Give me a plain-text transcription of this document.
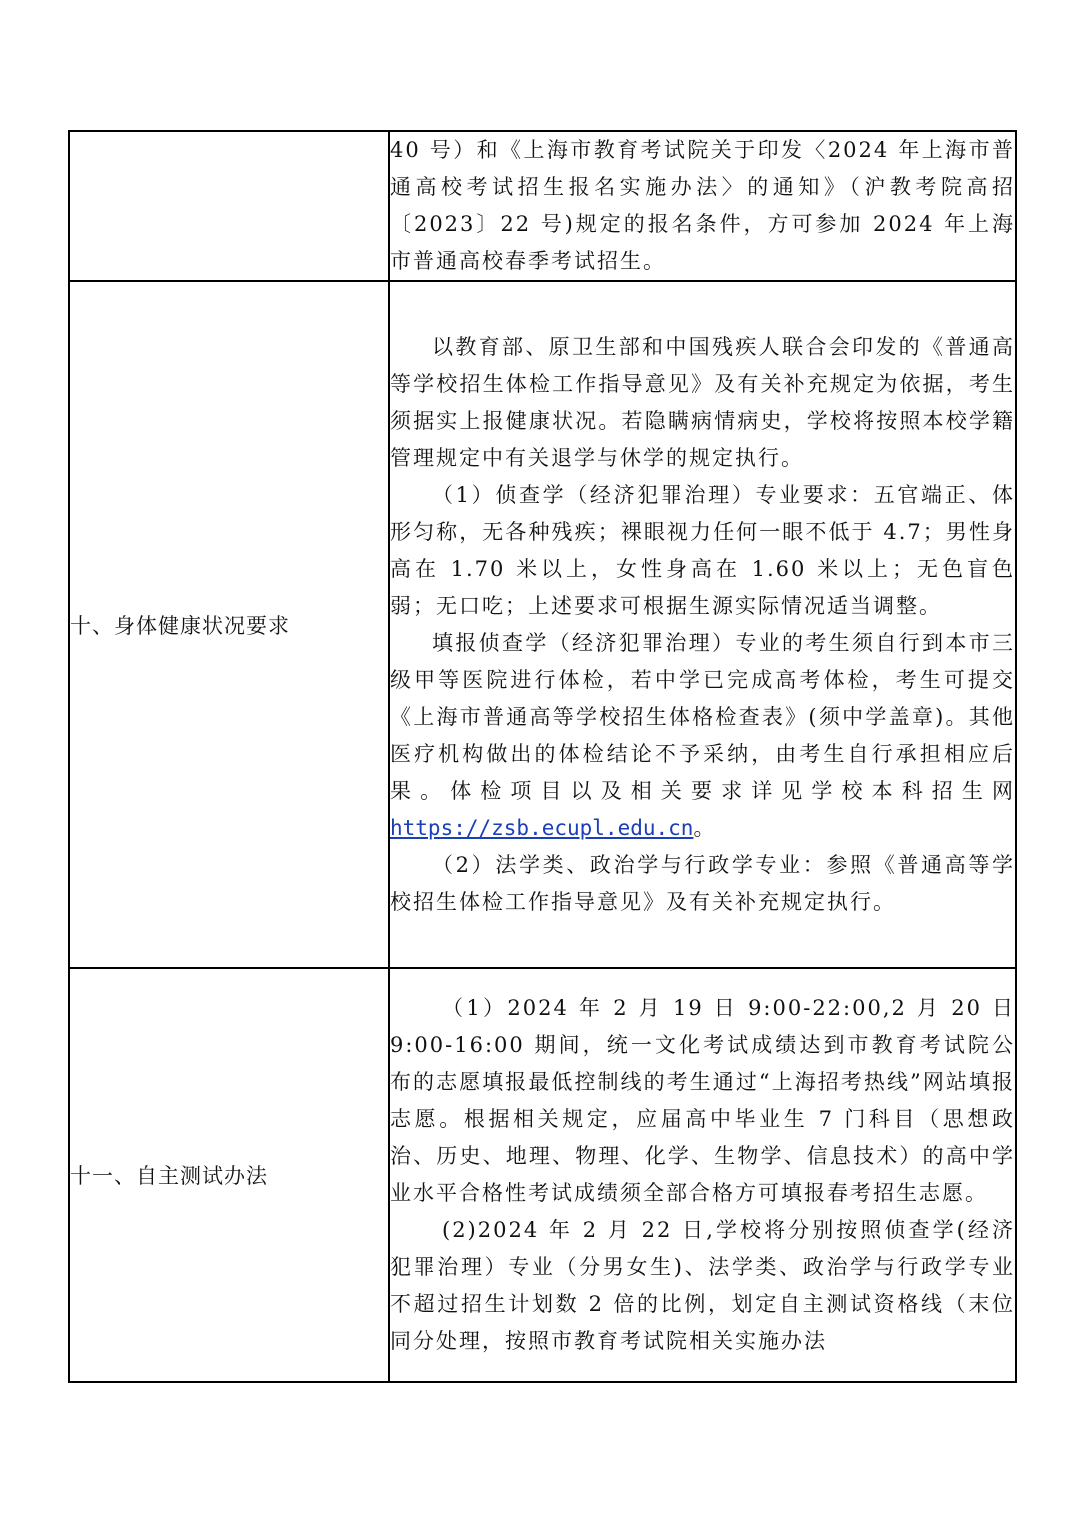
	40 号）和《上海市教育考试院关于印发〈2024 年上海市普通高校考试招生报名实施办法〉的通知》（沪教考院高招〔2023〕22 号)规定的报名条件，方可参加 2024 年上海市普通高校春季考试招生。

十、身体健康状况要求	以教育部、原卫生部和中国残疾人联合会印发的《普通高等学校招生体检工作指导意见》及有关补充规定为依据，考生须据实上报健康状况。若隐瞒病情病史，学校将按照本校学籍管理规定中有关退学与休学的规定执行。

（1）侦查学（经济犯罪治理）专业要求：五官端正、体形匀称，无各种残疾；裸眼视力任何一眼不低于 4.7；男性身高在 1.70 米以上，女性身高在 1.60 米以上；无色盲色弱；无口吃；上述要求可根据生源实际情况适当调整。

填报侦查学（经济犯罪治理）专业的考生须自行到本市三级甲等医院进行体检，若中学已完成高考体检，考生可提交《上海市普通高等学校招生体格检查表》(须中学盖章)。其他医疗机构做出的体检结论不予采纳，由考生自行承担相应后果。体检项目以及相关要求详见学校本科招生网 https://zsb.ecupl.edu.cn。

（2）法学类、政治学与行政学专业：参照《普通高等学校招生体检工作指导意见》及有关补充规定执行。

十一、自主测试办法	（1）2024 年 2 月 19 日 9:00-22:00,2 月 20 日 9:00-16:00 期间，统一文化考试成绩达到市教育考试院公布的志愿填报最低控制线的考生通过“上海招考热线”网站填报志愿。根据相关规定，应届高中毕业生 7 门科目（思想政治、历史、地理、物理、化学、生物学、信息技术）的高中学业水平合格性考试成绩须全部合格方可填报春考招生志愿。

(2)2024 年 2 月 22 日,学校将分别按照侦查学(经济犯罪治理）专业（分男女生)、法学类、政治学与行政学专业不超过招生计划数 2 倍的比例，划定自主测试资格线（末位同分处理，按照市教育考试院相关实施办法
